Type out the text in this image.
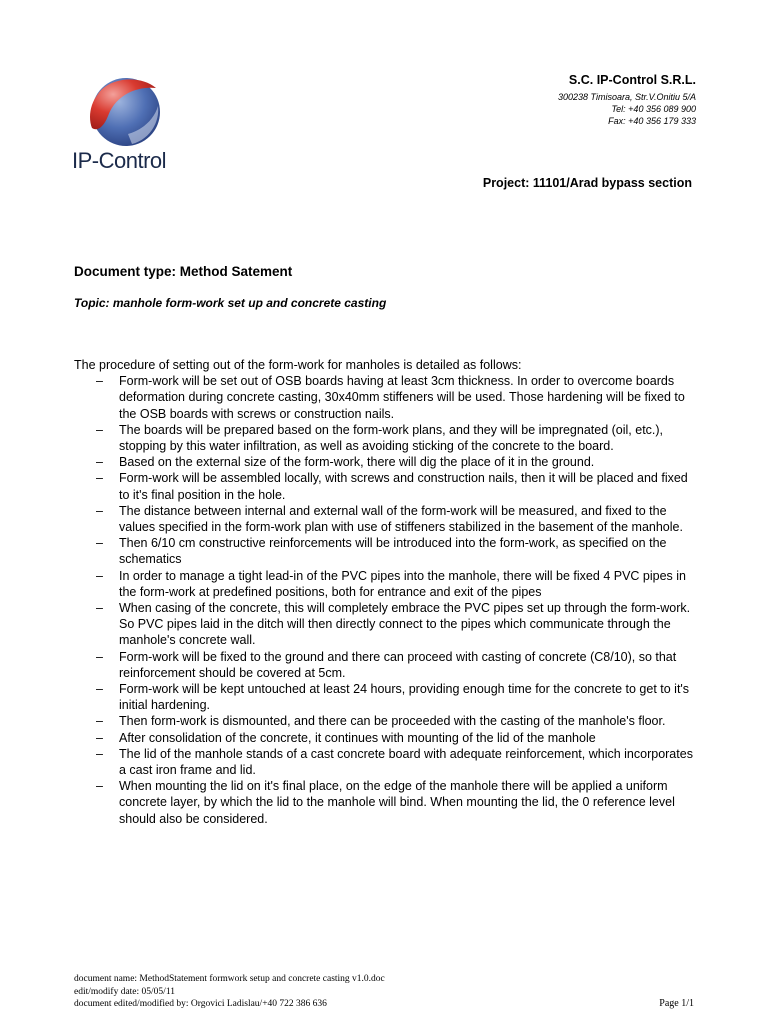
IP-Control
S.C. IP-Control S.R.L.
300238 Timisoara, Str.V.Onitiu 5/A
Tel: +40 356 089 900
Fax: +40 356 179 333
Project: 11101/Arad bypass section
Document type: Method Satement
Topic: manhole form-work set up and concrete casting

The procedure of setting out of the form-work for manholes is detailed as follows:

– Form-work will be set out of OSB boards having at least 3cm thickness. In order to overcome boards deformation during concrete casting, 30x40mm stiffeners will be used. Those hardening will be fixed to the OSB boards with screws or construction nails.
– The boards will be prepared based on the form-work plans, and they will be impregnated (oil, etc.), stopping by this water infiltration, as well as avoiding sticking of the concrete to the board.
– Based on the external size of the form-work, there will dig the place of it in the ground.
– Form-work will be assembled locally, with screws and construction nails, then it will be placed and fixed to it's final position in the hole.
– The distance between internal and external wall of the form-work will be measured, and fixed to the values specified in the form-work plan with use of stiffeners stabilized in the basement of the manhole.
– Then 6/10 cm constructive reinforcements will be introduced into the form-work, as specified on the schematics
– In order to manage a tight lead-in of the PVC pipes into the manhole, there will be fixed 4 PVC pipes in the form-work at predefined positions, both for entrance and exit of the pipes
– When casing of the concrete, this will completely embrace the PVC pipes set up through the form-work. So PVC pipes laid in the ditch will then directly connect to the pipes which communicate through the manhole's concrete wall.
– Form-work will be fixed to the ground and there can proceed with casting of concrete (C8/10), so that reinforcement should be covered at 5cm.
– Form-work will be kept untouched at least 24 hours, providing enough time for the concrete to get to it's initial hardening.
– Then form-work is dismounted, and there can be proceeded with the casting of the manhole's floor.
– After consolidation of the concrete, it continues with mounting of the lid of the manhole
– The lid of the manhole stands of a cast concrete board with adequate reinforcement, which incorporates a cast iron frame and lid.
– When mounting the lid on it's final place, on the edge of the manhole there will be applied a uniform concrete layer, by which the lid to the manhole will bind. When mounting the lid, the 0 reference level should also be considered.
document name: MethodStatement formwork setup and concrete casting v1.0.doc
edit/modify date: 05/05/11
document edited/modified by: Orgovici Ladislau/+40 722 386 636	Page 1/1
